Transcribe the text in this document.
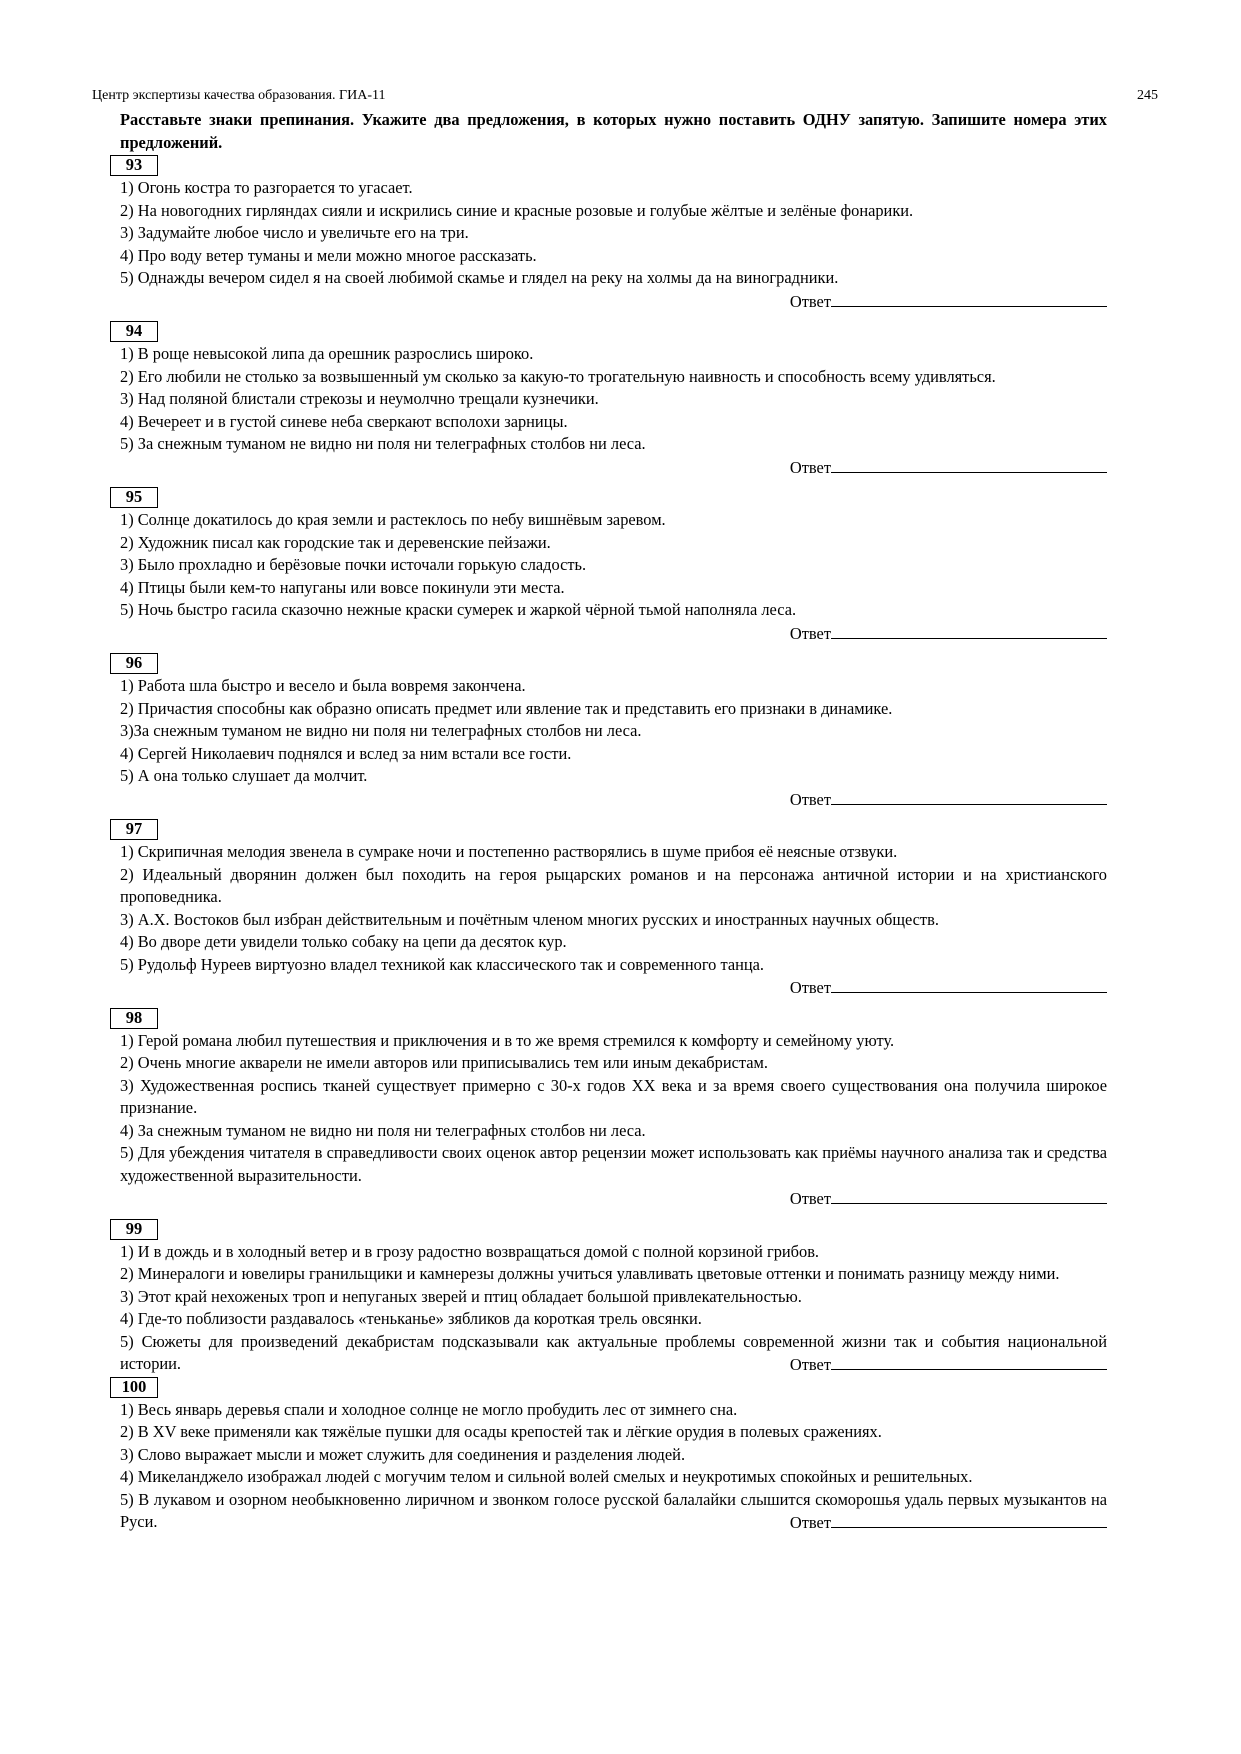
Центр экспертизы качества образования. ГИА-11	245

Расставьте знаки препинания. Укажите два предложения, в которых нужно поставить ОДНУ запятую. Запишите номера этих предложений.

93

1) Огонь костра то разгорается то угасает.

2) На новогодних гирляндах сияли и искрились синие и красные розовые и голубые жёлтые и зелёные фонарики.

3) Задумайте любое число и увеличьте его на три.

4) Про воду ветер туманы и мели можно многое рассказать.

5) Однажды вечером сидел я на своей любимой скамье и глядел на реку на холмы да на виноградники.

Ответ

94

1) В роще невысокой липа да орешник разрослись широко.

2) Его любили не столько за возвышенный ум сколько за какую-то трогательную наивность и способность всему удивляться.

3) Над поляной блистали стрекозы и неумолчно трещали кузнечики.

4) Вечереет и в густой синеве неба сверкают всполохи зарницы.

5) За снежным туманом не видно ни поля ни телеграфных столбов ни леса.

Ответ

95

1) Солнце докатилось до края земли и растеклось по небу вишнёвым заревом.

2) Художник писал как городские так и деревенские пейзажи.

3) Было прохладно и берёзовые почки источали горькую сладость.

4) Птицы были кем-то напуганы или вовсе покинули эти места.

5) Ночь быстро гасила сказочно нежные краски сумерек и жаркой чёрной тьмой наполняла леса.

Ответ

96

1) Работа шла быстро и весело и была вовремя закончена.

2) Причастия способны как образно описать предмет или явление так и представить его признаки в динамике.

3)За снежным туманом не видно ни поля ни телеграфных столбов ни леса.

4) Сергей Николаевич поднялся и вслед за ним встали все гости.

5) А она только слушает да молчит.

Ответ

97

1) Скрипичная мелодия звенела в сумраке ночи и постепенно растворялись в шуме прибоя её неясные отзвуки.

2) Идеальный дворянин должен был походить на героя рыцарских романов и на персонажа античной истории и на христианского проповедника.

3) А.Х. Востоков был избран действительным и почётным членом многих русских и иностранных научных обществ.

4) Во дворе дети увидели только собаку на цепи да десяток кур.

5) Рудольф Нуреев виртуозно владел техникой как классического так и современного танца.

Ответ

98

1) Герой романа любил путешествия и приключения и в то же время стремился к комфорту и семейному уюту.

2) Очень многие акварели не имели авторов или приписывались тем или иным декабристам.

3) Художественная роспись тканей существует примерно с 30-х годов XX века и за время своего существования она получила широкое признание.

4) За снежным туманом не видно ни поля ни телеграфных столбов ни леса.

5) Для убеждения читателя в справедливости своих оценок автор рецензии может использовать как приёмы научного анализа так и средства художественной выразительности.

Ответ

99

1) И в дождь и в холодный ветер и в грозу радостно возвращаться домой с полной корзиной грибов.

2) Минералоги и ювелиры гранильщики и камнерезы должны учиться улавливать цветовые оттенки и понимать разницу между ними.

3) Этот край нехоженых троп и непуганых зверей и птиц обладает большой привлекательностью.

4) Где-то поблизости раздавалось «теньканье» зябликов да короткая трель овсянки.

5) Сюжеты для произведений декабристам подсказывали как актуальные проблемы современной жизни так и события национальной истории.	Ответ

100

1) Весь январь деревья спали и холодное солнце не могло пробудить лес от зимнего сна.

2) В XV веке применяли как тяжёлые пушки для осады крепостей так и лёгкие орудия в полевых сражениях.

3) Слово выражает мысли и может служить для соединения и разделения людей.

4) Микеланджело изображал людей с могучим телом и сильной волей смелых и неукротимых спокойных и решительных.

5) В лукавом и озорном необыкновенно лиричном и звонком голосе русской балалайки слышится скоморошья удаль первых музыкантов на Руси.	Ответ
